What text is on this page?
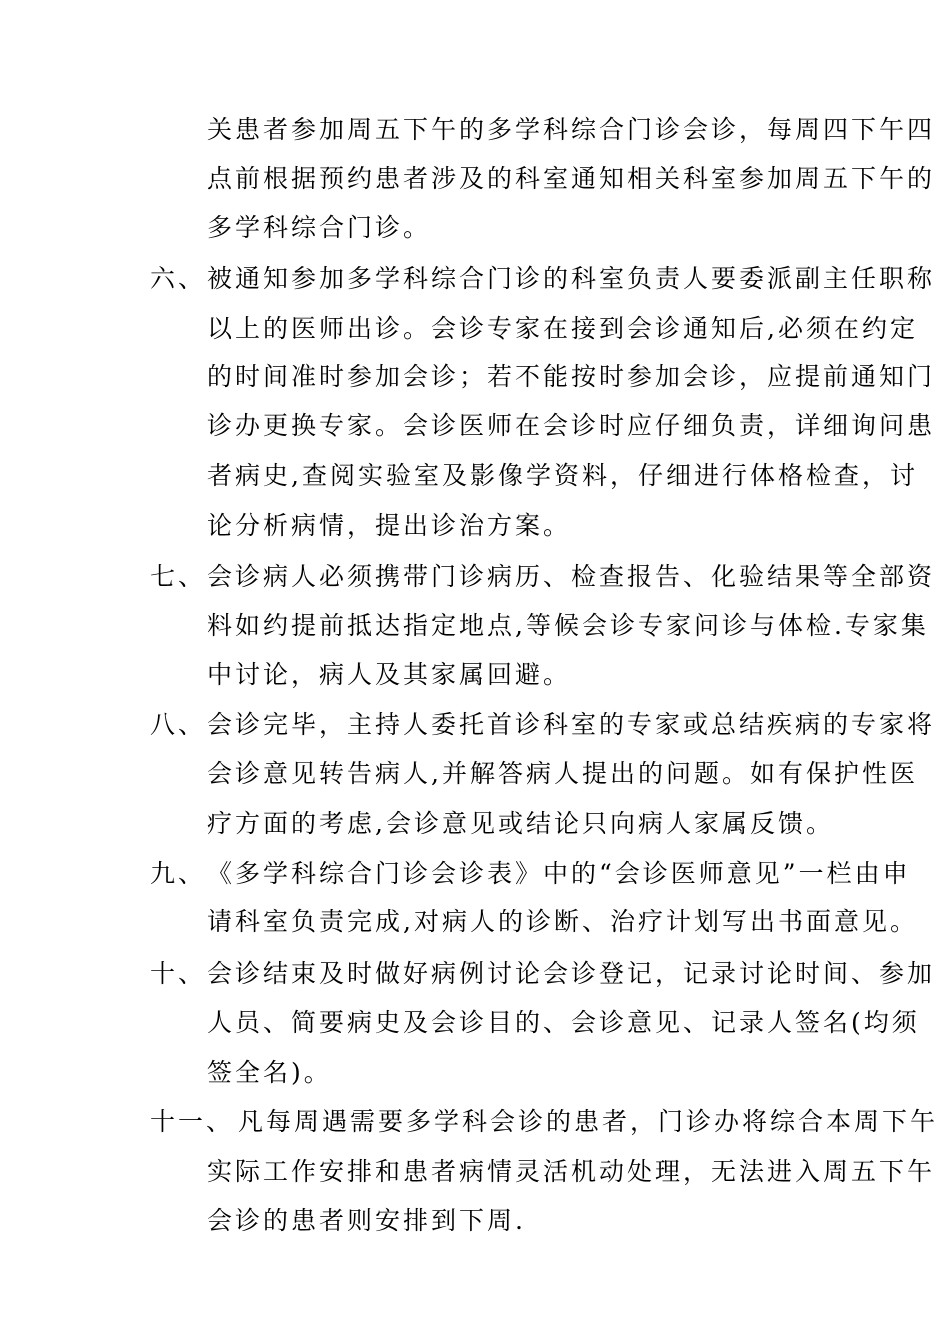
关患者参加周五下午的多学科综合门诊会诊，每周四下午四
点前根据预约患者涉及的科室通知相关科室参加周五下午的
多学科综合门诊。
六、 被通知参加多学科综合门诊的科室负责人要委派副主任职称
以上的医师出诊。会诊专家在接到会诊通知后,必须在约定
的时间准时参加会诊；若不能按时参加会诊，应提前通知门
诊办更换专家。会诊医师在会诊时应仔细负责，详细询问患
者病史,查阅实验室及影像学资料，仔细进行体格检查，讨
论分析病情，提出诊治方案。
七、 会诊病人必须携带门诊病历、检查报告、化验结果等全部资
料如约提前抵达指定地点,等候会诊专家问诊与体检.专家集
中讨论，病人及其家属回避。
八、 会诊完毕，主持人委托首诊科室的专家或总结疾病的专家将
会诊意见转告病人,并解答病人提出的问题。如有保护性医
疗方面的考虑,会诊意见或结论只向病人家属反馈。
九、 《多学科综合门诊会诊表》中的“会诊医师意见”一栏由申
请科室负责完成,对病人的诊断、治疗计划写出书面意见。
十、 会诊结束及时做好病例讨论会诊登记，记录讨论时间、参加
人员、简要病史及会诊目的、会诊意见、记录人签名(均须
签全名)。
十一、 凡每周遇需要多学科会诊的患者，门诊办将综合本周下午
实际工作安排和患者病情灵活机动处理，无法进入周五下午
会诊的患者则安排到下周.
